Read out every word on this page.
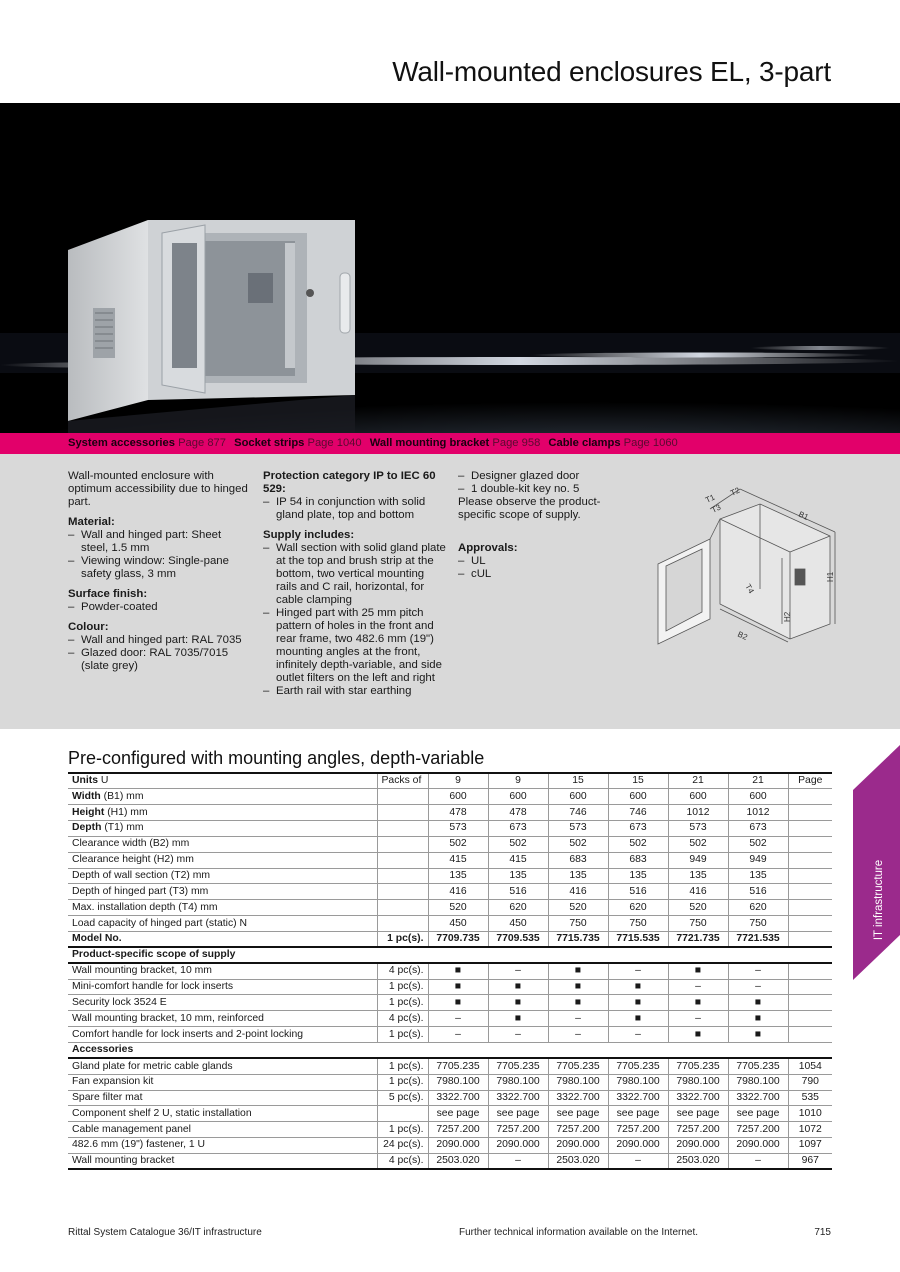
Wall-mounted enclosures EL, 3-part
System accessories Page 877 Socket strips Page 1040 Wall mounting bracket Page 958 Cable clamps Page 1060
Wall-mounted enclosure with optimum accessibility due to hinged part.
Material:
– Wall and hinged part: Sheet steel, 1.5 mm
– Viewing window: Single-pane safety glass, 3 mm
Surface finish:
– Powder-coated
Colour:
– Wall and hinged part: RAL 7035
– Glazed door: RAL 7035/7015 (slate grey)
Protection category IP to IEC 60 529:
– IP 54 in conjunction with solid gland plate, top and bottom
Supply includes:
– Wall section with solid gland plate at the top and brush strip at the bottom, two vertical mounting rails and C rail, horizontal, for cable clamping
– Hinged part with 25 mm pitch pattern of holes in the front and rear frame, two 482.6 mm (19") mounting angles at the front, infinitely depth-variable, and side outlet filters on the left and right
– Earth rail with star earthing
– Designer glazed door
– 1 double-kit key no. 5
Please observe the product-specific scope of supply.
Approvals:
– UL
– cUL
T1
T2
T3
T4
B1
B2
H1
H2
Pre-configured with mounting angles, depth-variable
Units U	Packs of	9	9	15	15	21	21	Page
Width (B1) mm		600	600	600	600	600	600	
Height (H1) mm		478	478	746	746	1012	1012	
Depth (T1) mm		573	673	573	673	573	673	
Clearance width (B2) mm		502	502	502	502	502	502	
Clearance height (H2) mm		415	415	683	683	949	949	
Depth of wall section (T2) mm		135	135	135	135	135	135	
Depth of hinged part (T3) mm		416	516	416	516	416	516	
Max. installation depth (T4) mm		520	620	520	620	520	620	
Load capacity of hinged part (static) N		450	450	750	750	750	750	
Model No.	1 pc(s).	7709.735	7709.535	7715.735	7715.535	7721.735	7721.535	
Product-specific scope of supply								
Wall mounting bracket, 10 mm	4 pc(s).	■	–	■	–	■	–	
Mini-comfort handle for lock inserts	1 pc(s).	■	■	■	■	–	–	
Security lock 3524 E	1 pc(s).	■	■	■	■	■	■	
Wall mounting bracket, 10 mm, reinforced	4 pc(s).	–	■	–	■	–	■	
Comfort handle for lock inserts and 2-point locking	1 pc(s).	–	–	–	–	■	■	
Accessories								
Gland plate for metric cable glands	1 pc(s).	7705.235	7705.235	7705.235	7705.235	7705.235	7705.235	1054
Fan expansion kit	1 pc(s).	7980.100	7980.100	7980.100	7980.100	7980.100	7980.100	790
Spare filter mat	5 pc(s).	3322.700	3322.700	3322.700	3322.700	3322.700	3322.700	535
Component shelf 2 U, static installation		see page	see page	see page	see page	see page	see page	1010
Cable management panel	1 pc(s).	7257.200	7257.200	7257.200	7257.200	7257.200	7257.200	1072
482.6 mm (19") fastener, 1 U	24 pc(s).	2090.000	2090.000	2090.000	2090.000	2090.000	2090.000	1097
Wall mounting bracket	4 pc(s).	2503.020	–	2503.020	–	2503.020	–	967
IT infrastructure
Rittal System Catalogue 36/IT infrastructure	Further technical information available on the Internet.	715
